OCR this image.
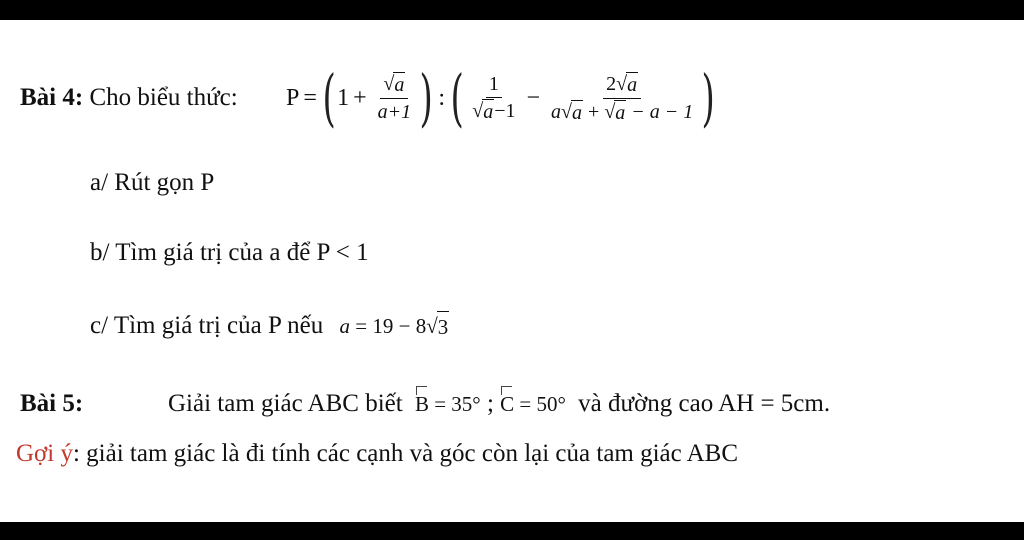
Bài 4: Cho biểu thức: P = ( $1 + \frac{√ a}{a+1}$ ) : ( $\frac{1}{√ a -1} - \frac{2 √ a}{a √ a + √ a - a - 1}$ )
a/ Rút gọn P
b/ Tìm giá trị của a để P < 1
c/ Tìm giá trị của P nếu a = 19 − 8 √ 3
Bài 5:	Giải tam giác ABC biết B = 35° ; C = 50° và đường cao AH = 5cm.
Gợi ý: giải tam giác là đi tính các cạnh và góc còn lại của tam giác ABC
